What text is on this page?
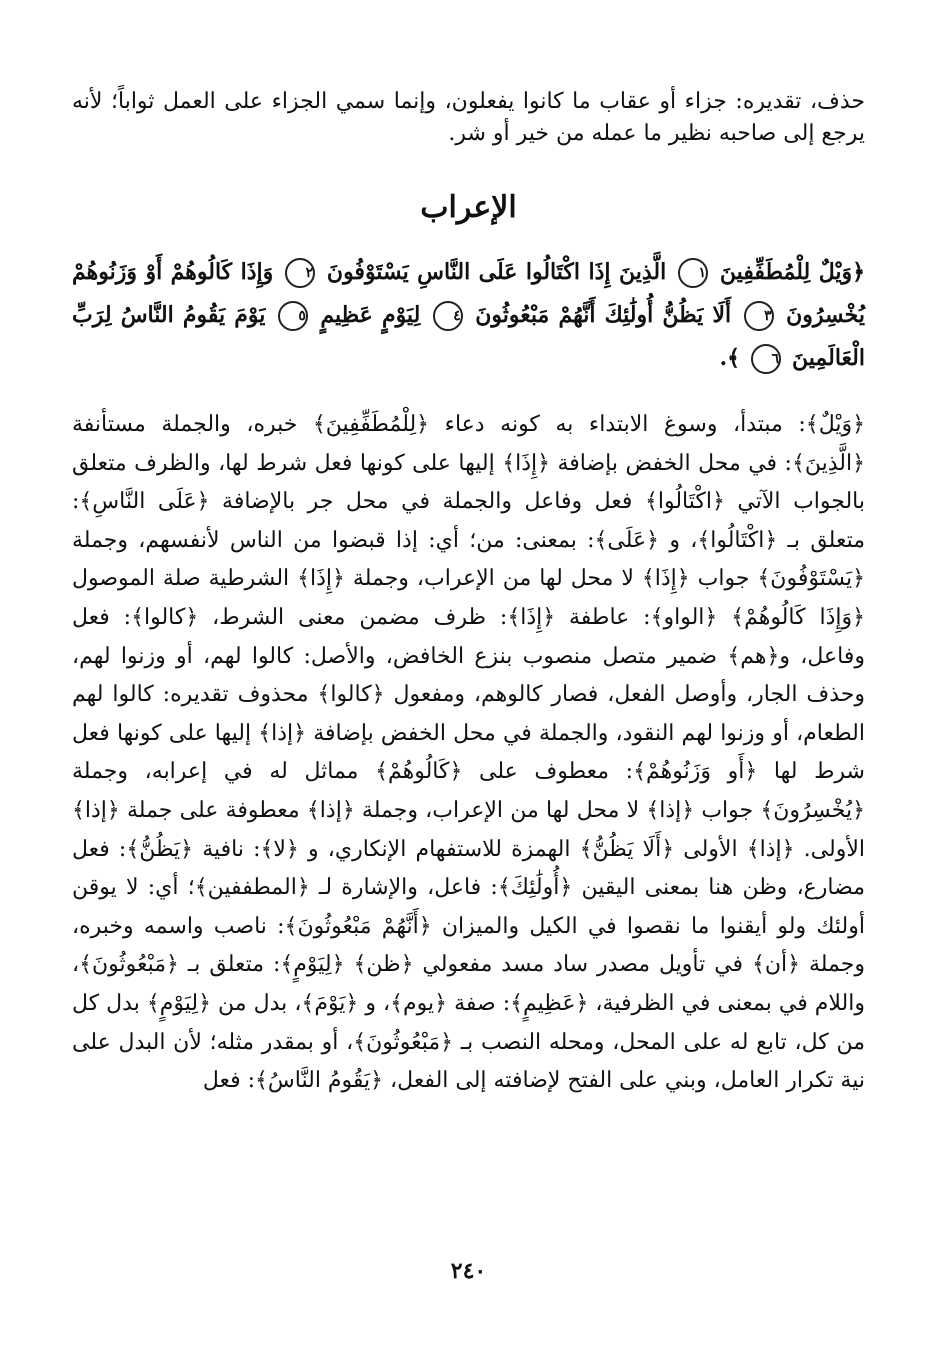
حذف، تقديره: جزاء أو عقاب ما كانوا يفعلون، وإنما سمي الجزاء على العمل ثواباً؛ لأنه يرجع إلى صاحبه نظير ما عمله من خير أو شر.

الإعراب

﴿وَيْلٌ لِلْمُطَفِّفِينَ ١ الَّذِينَ إِذَا اكْتَالُوا عَلَى النَّاسِ يَسْتَوْفُونَ ٢ وَإِذَا كَالُوهُمْ أَوْ وَزَنُوهُمْ يُخْسِرُونَ ٣ أَلَا يَظُنُّ أُولَٰئِكَ أَنَّهُمْ مَبْعُوثُونَ ٤ لِيَوْمٍ عَظِيمٍ ٥ يَوْمَ يَقُومُ النَّاسُ لِرَبِّ الْعَالَمِينَ ٦ ﴾.

﴿وَيْلٌ﴾: مبتدأ، وسوغ الابتداء به كونه دعاء ﴿لِلْمُطَفِّفِينَ﴾ خبره، والجملة مستأنفة ﴿الَّذِينَ﴾: في محل الخفض بإضافة ﴿إِذَا﴾ إليها على كونها فعل شرط لها، والظرف متعلق بالجواب الآتي ﴿اكْتَالُوا﴾ فعل وفاعل والجملة في محل جر بالإضافة ﴿عَلَى النَّاسِ﴾: متعلق بـ ﴿اكْتَالُوا﴾، و ﴿عَلَى﴾: بمعنى: من؛ أي: إذا قبضوا من الناس لأنفسهم، وجملة ﴿يَسْتَوْفُونَ﴾ جواب ﴿إِذَا﴾ لا محل لها من الإعراب، وجملة ﴿إِذَا﴾ الشرطية صلة الموصول ﴿وَإِذَا كَالُوهُمْ﴾ ﴿الواو﴾: عاطفة ﴿إِذَا﴾: ظرف مضمن معنى الشرط، ﴿كالوا﴾: فعل وفاعل، و﴿هم﴾ ضمير متصل منصوب بنزع الخافض، والأصل: كالوا لهم، أو وزنوا لهم، وحذف الجار، وأوصل الفعل، فصار كالوهم، ومفعول ﴿كالوا﴾ محذوف تقديره: كالوا لهم الطعام، أو وزنوا لهم النقود، والجملة في محل الخفض بإضافة ﴿إذا﴾ إليها على كونها فعل شرط لها ﴿أَو وَزَنُوهُمْ﴾: معطوف على ﴿كَالُوهُمْ﴾ مماثل له في إعرابه، وجملة ﴿يُخْسِرُونَ﴾ جواب ﴿إذا﴾ لا محل لها من الإعراب، وجملة ﴿إذا﴾ معطوفة على جملة ﴿إذا﴾ الأولى. ﴿إذا﴾ الأولى ﴿أَلَا يَظُنُّ﴾ الهمزة للاستفهام الإنكاري، و ﴿لا﴾: نافية ﴿يَظُنُّ﴾: فعل مضارع، وظن هنا بمعنى اليقين ﴿أُولَٰئِكَ﴾: فاعل، والإشارة لـ ﴿المطففين﴾؛ أي: لا يوقن أولئك ولو أيقنوا ما نقصوا في الكيل والميزان ﴿أَنَّهُمْ مَبْعُوثُونَ﴾: ناصب واسمه وخبره، وجملة ﴿أن﴾ في تأويل مصدر ساد مسد مفعولي ﴿ظن﴾ ﴿لِيَوْمٍ﴾: متعلق بـ ﴿مَبْعُوثُونَ﴾، واللام في بمعنى في الظرفية، ﴿عَظِيمٍ﴾: صفة ﴿يوم﴾، و ﴿يَوْمَ﴾، بدل من ﴿لِيَوْمٍ﴾ بدل كل من كل، تابع له على المحل، ومحله النصب بـ ﴿مَبْعُوثُونَ﴾، أو بمقدر مثله؛ لأن البدل على نية تكرار العامل، وبني على الفتح لإضافته إلى الفعل، ﴿يَقُومُ النَّاسُ﴾: فعل

٢٤٠
